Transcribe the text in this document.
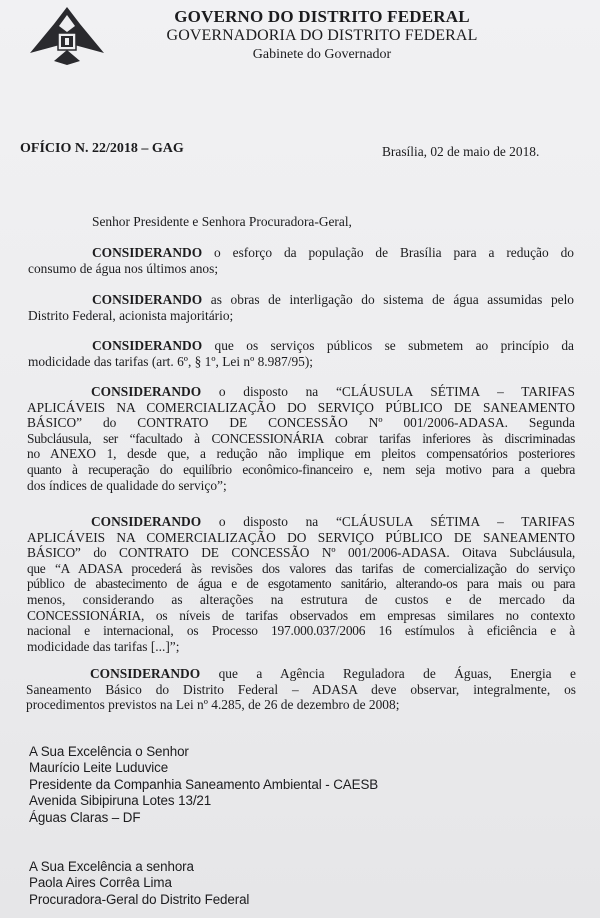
GOVERNO DO DISTRITO FEDERAL
GOVERNADORIA DO DISTRITO FEDERAL
Gabinete do Governador
OFÍCIO N. 22/2018 – GAG	Brasília, 02 de maio de 2018.
Senhor Presidente e Senhora Procuradora-Geral,
CONSIDERANDO o esforço da população de Brasília para a redução do
consumo de água nos últimos anos;
CONSIDERANDO as obras de interligação do sistema de água assumidas pelo
Distrito Federal, acionista majoritário;
CONSIDERANDO que os serviços públicos se submetem ao princípio da
modicidade das tarifas (art. 6º, § 1º, Lei nº 8.987/95);
CONSIDERANDO o disposto na “CLÁUSULA SÉTIMA – TARIFAS
APLICÁVEIS NA COMERCIALIZAÇÃO DO SERVIÇO PÚBLICO DE SANEAMENTO
BÁSICO” do CONTRATO DE CONCESSÃO Nº 001/2006-ADASA. Segunda
Subcláusula, ser “facultado à CONCESSIONÁRIA cobrar tarifas inferiores às discriminadas
no ANEXO 1, desde que, a redução não implique em pleitos compensatórios posteriores
quanto à recuperação do equilíbrio econômico-financeiro e, nem seja motivo para a quebra
dos índices de qualidade do serviço”;
CONSIDERANDO o disposto na “CLÁUSULA SÉTIMA – TARIFAS
APLICÁVEIS NA COMERCIALIZAÇÃO DO SERVIÇO PÚBLICO DE SANEAMENTO
BÁSICO” do CONTRATO DE CONCESSÃO Nº 001/2006-ADASA. Oitava Subcláusula,
que “A ADASA procederá às revisões dos valores das tarifas de comercialização do serviço
público de abastecimento de água e de esgotamento sanitário, alterando-os para mais ou para
menos, considerando as alterações na estrutura de custos e de mercado da
CONCESSIONÁRIA, os níveis de tarifas observados em empresas similares no contexto
nacional e internacional, os Processo 197.000.037/2006 16 estímulos à eficiência e à
modicidade das tarifas [...]”;
CONSIDERANDO que a Agência Reguladora de Águas, Energia e
Saneamento Básico do Distrito Federal – ADASA deve observar, integralmente, os
procedimentos previstos na Lei nº 4.285, de 26 de dezembro de 2008;
A Sua Excelência o Senhor
Maurício Leite Luduvice
Presidente da Companhia Saneamento Ambiental - CAESB
Avenida Sibipiruna Lotes 13/21
Águas Claras – DF
A Sua Excelência a senhora
Paola Aires Corrêa Lima
Procuradora-Geral do Distrito Federal
